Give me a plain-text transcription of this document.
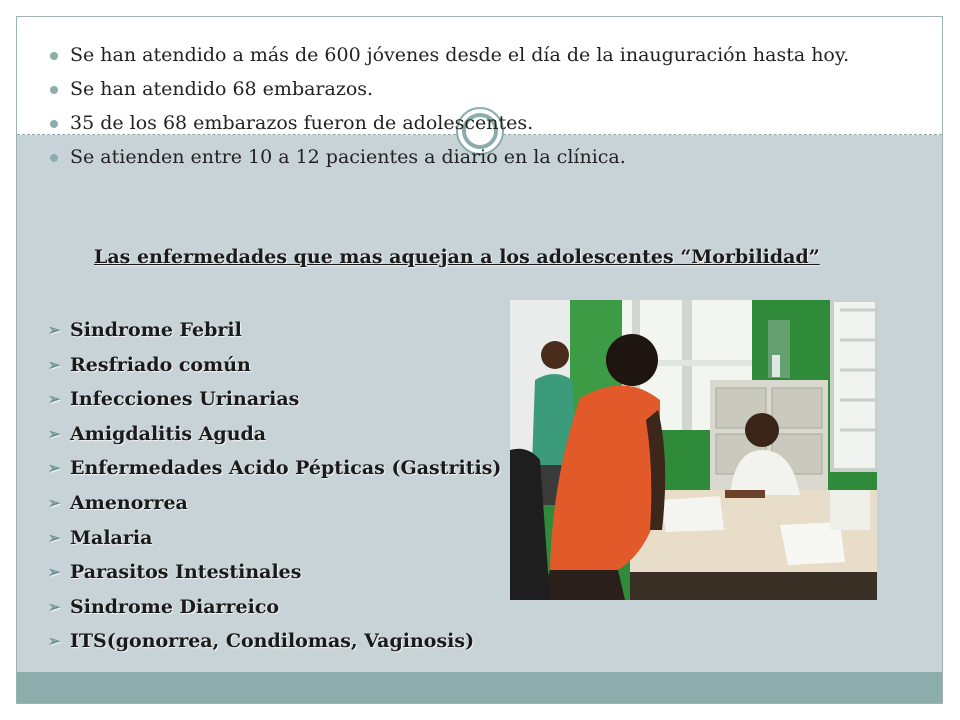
Se han atendido a más de 600 jóvenes desde el día de la inauguración hasta hoy.
Se han atendido 68 embarazos.
35 de los 68 embarazos fueron de adolescentes.
Se atienden entre 10 a 12 pacientes a diario en la clínica.
Las enfermedades que mas aquejan a los adolescentes “Morbilidad”
➢ Sindrome Febril
➢ Resfriado común
➢ Infecciones Urinarias
➢ Amigdalitis Aguda
➢ Enfermedades Acido Pépticas (Gastritis)
➢ Amenorrea
➢ Malaria
➢ Parasitos Intestinales
➢ Sindrome Diarreico
➢ ITS(gonorrea, Condilomas, Vaginosis)
